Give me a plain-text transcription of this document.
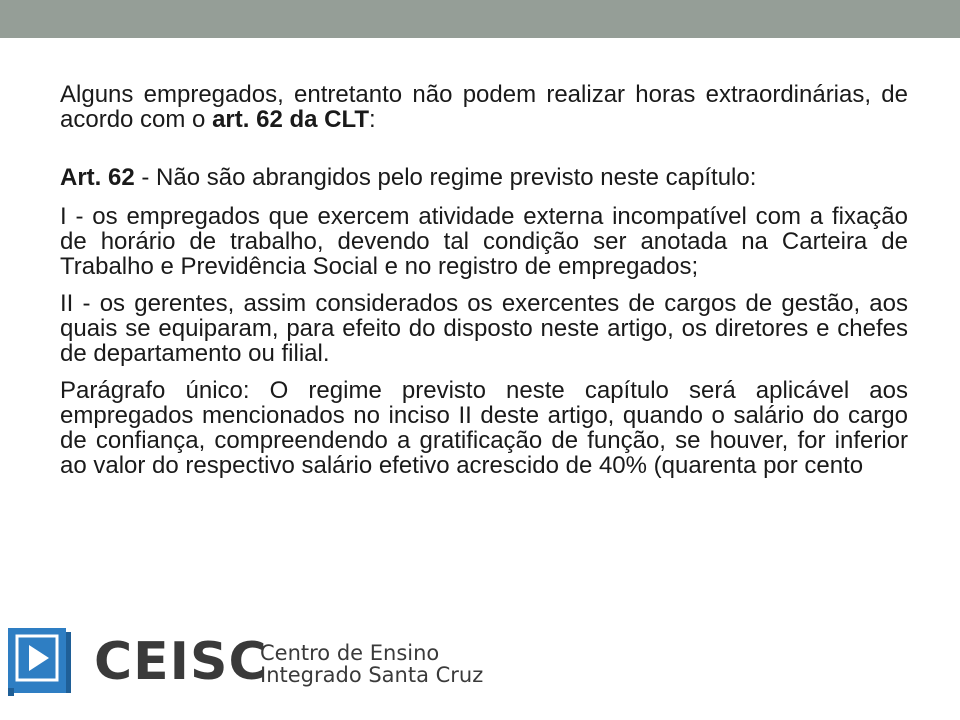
Alguns empregados, entretanto não podem realizar horas extraordinárias, de acordo com o art. 62 da CLT:

Art. 62 - Não são abrangidos pelo regime previsto neste capítulo:

I - os empregados que exercem atividade externa incompatível com a fixação de horário de trabalho, devendo tal condição ser anotada na Carteira de Trabalho e Previdência Social e no registro de empregados;

II - os gerentes, assim considerados os exercentes de cargos de gestão, aos quais se equiparam, para efeito do disposto neste artigo, os diretores e chefes de departamento ou filial.

Parágrafo único: O regime previsto neste capítulo será aplicável aos empregados mencionados no inciso II deste artigo, quando o salário do cargo de confiança, compreendendo a gratificação de função, se houver, for inferior ao valor do respectivo salário efetivo acrescido de 40% (quarenta por cento

CEISC
Centro de Ensino
Integrado Santa Cruz
